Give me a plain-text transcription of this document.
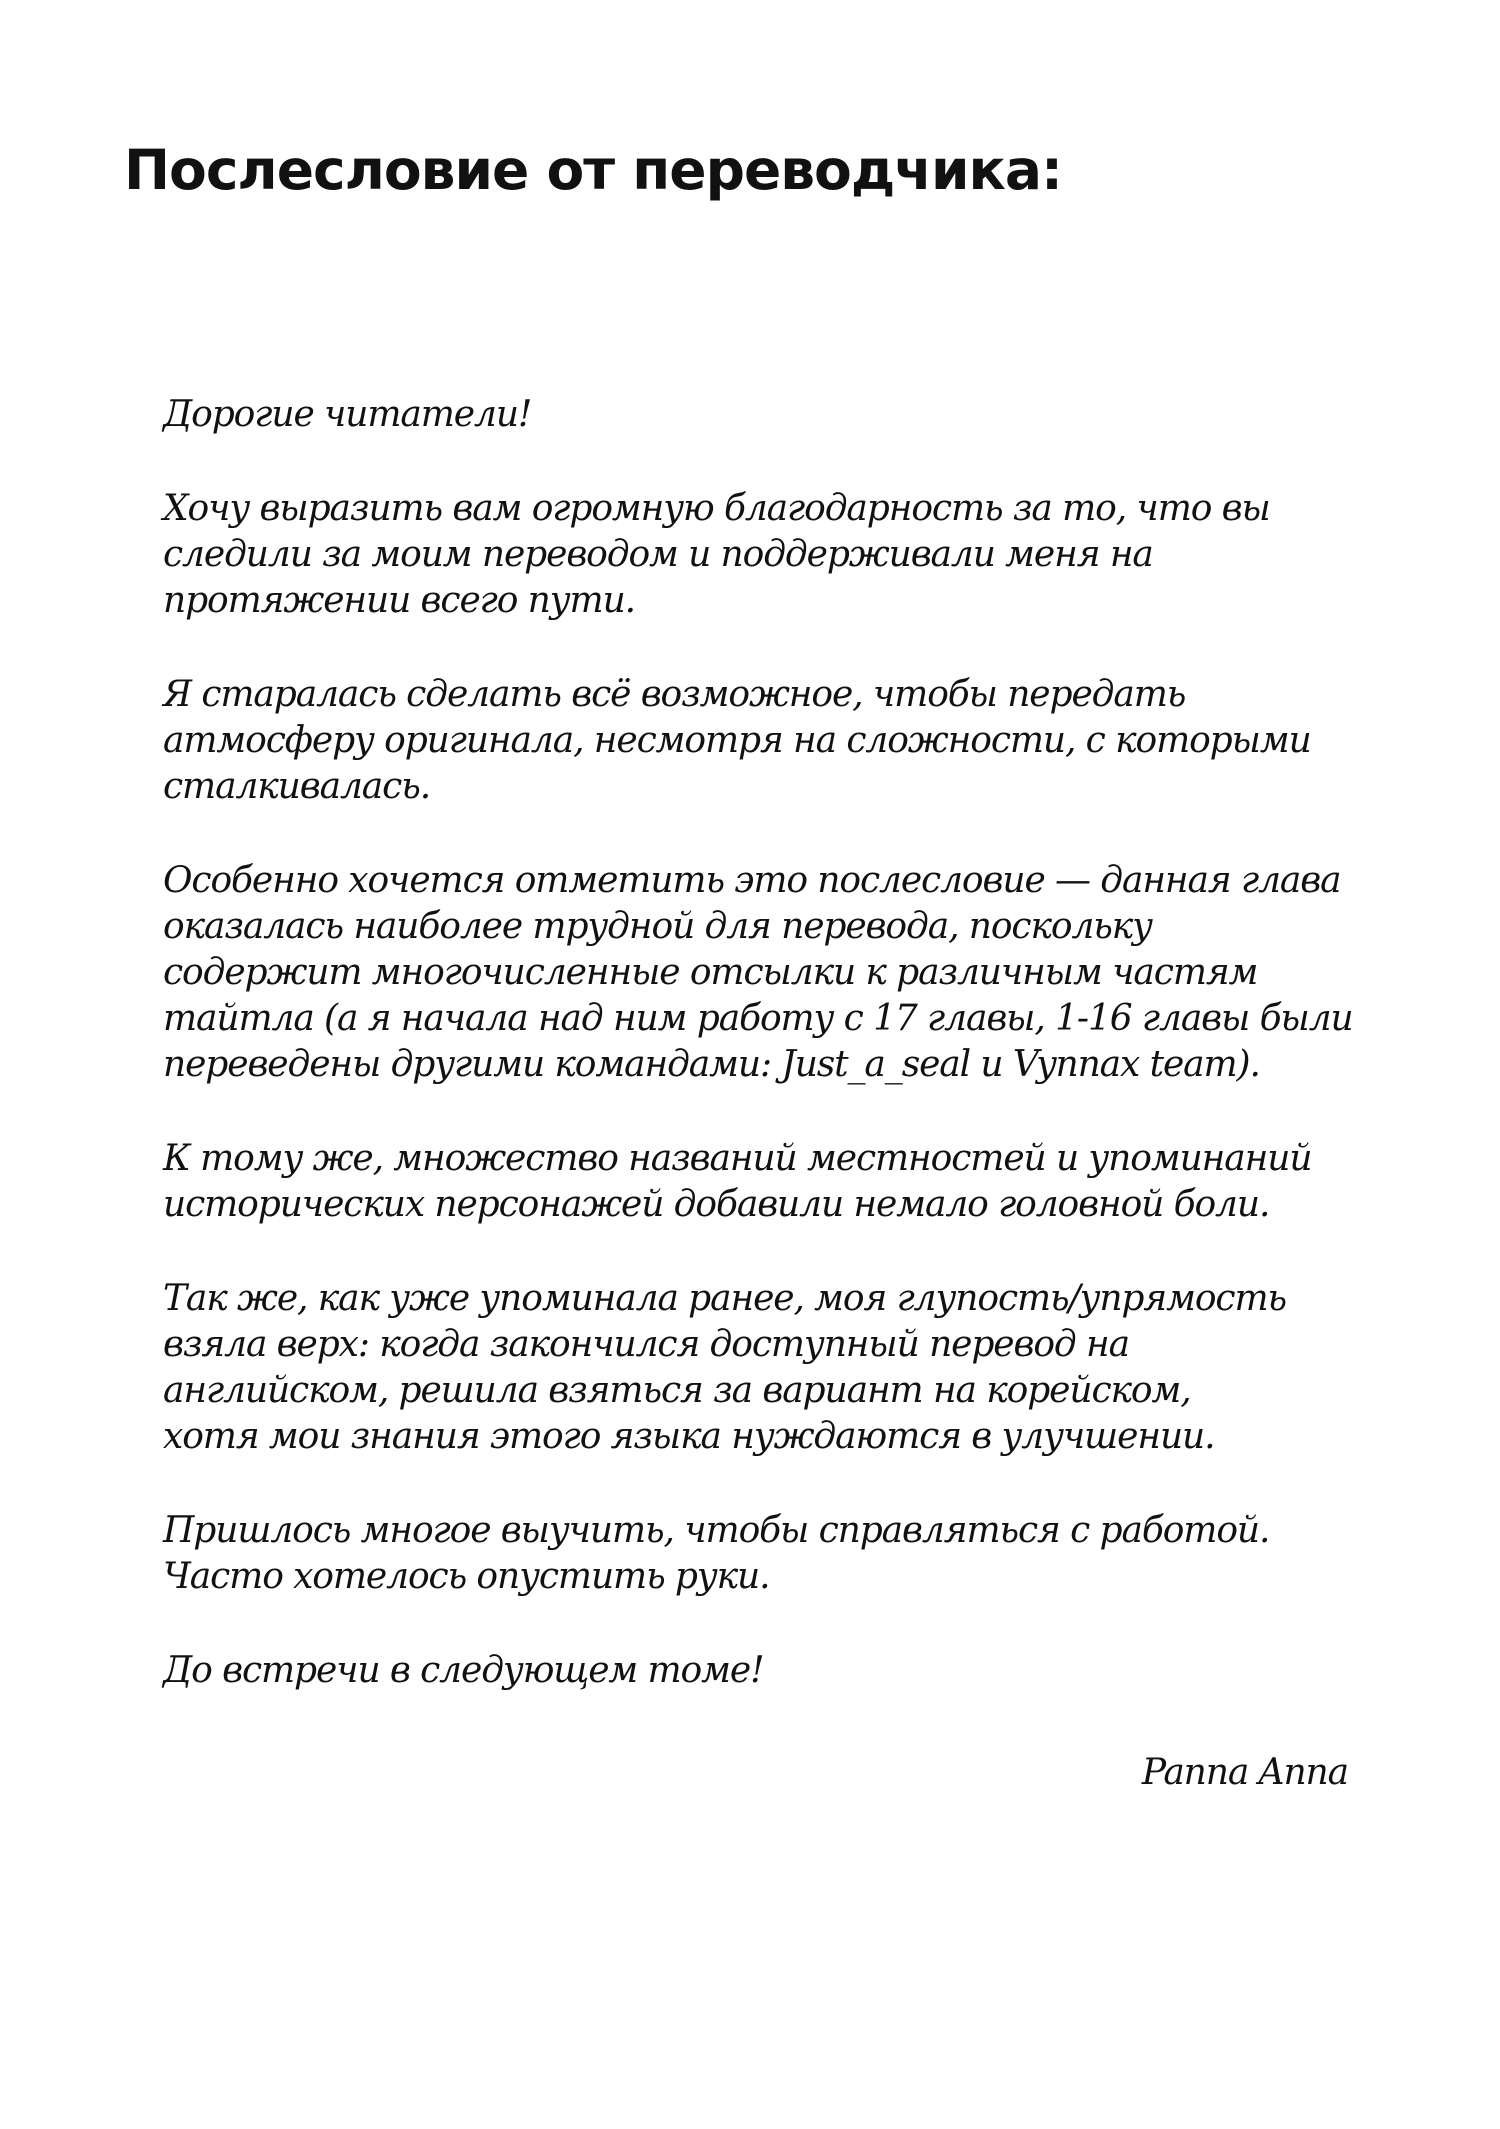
Послесловие от переводчика:

Дорогие читатели!

Хочу выразить вам огромную благодарность за то, что вы
следили за моим переводом и поддерживали меня на
протяжении всего пути.

Я старалась сделать всё возможное, чтобы передать
атмосферу оригинала, несмотря на сложности, с которыми
сталкивалась.

Особенно хочется отметить это послесловие — данная глава
оказалась наиболее трудной для перевода, поскольку
содержит многочисленные отсылки к различным частям
тайтла (а я начала над ним работу с 17 главы, 1-16 главы были
переведены другими командами: Just_a_seal и Vynnax team).

К тому же, множество названий местностей и упоминаний
исторических персонажей добавили немало головной боли.

Так же, как уже упоминала ранее, моя глупость/упрямость
взяла верх: когда закончился доступный перевод на
английском, решила взяться за вариант на корейском,
хотя мои знания этого языка нуждаются в улучшении.

Пришлось многое выучить, чтобы справляться с работой.
Часто хотелось опустить руки.

До встречи в следующем томе!

Panna Anna
